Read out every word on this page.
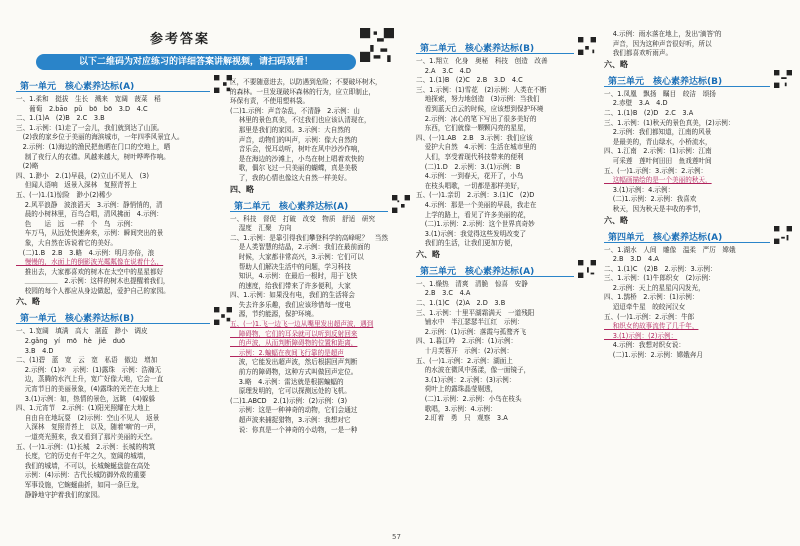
参考答案
以下二维码为对应练习的详细答案讲解视频，请扫码观看！
第一单元　核心素养达标(A)
一、1.柔和　挺拔　生长　溅来　宽阔　菠菜　稻
　　葡萄　2.bāo　pǔ　bō　bō　3.D　4.C
二、1.(1)A　(2)B　2.C　3.B
三、1.示例：(1)走了一会儿，我们就到达了山顶。
　(2)我的家乡位于美丽的海滨城市，一年四季风景宜人。
　2.示例：(1)海边的渔民把鱼晒在门口的空地上，晒
　 制了夜行人的衣襟。风越来越大，树叶哗哗作响。
　(2)略
四、1.渺小　2.(1)早晨，(2)立山不见人　(3)
　 但闻人语响　返景入深林　复照青苔上
五、(一)1.(1)惊险　渺小(2)稀少
　 2.风平浪静　波浪滔天　3.示例：静悄悄的，清
　 晨的小树林里，百鸟合唱，清风拂面　4.示例：
　 色　　运　远　一样　个　鸟　示例：
　 车万马，从远处快速奔来，示例：瞬间突出的景
　 象，大自然在诉说着它的美好。
　(二)1.B　2.B　3.略　4.示例：明月亦倍，浪
　 慢慢的，水面上的倒影波光粼粼像在说着什么，
　 推出去，大家都喜欢的树木在太空中的星星都好
　 ＿＿＿＿＿　2.示例：这样的树木也提醒着我们，
　 校园的每个人都应从身边做起，爱护自己的家园。
六、略
第一单元　核心素养达标(B)
一、1.宽阔　填满　高大　湛蓝　渺小　调皮
　 2.gǎng　yí　mō　hè　jiě　duō
　 3.B　4.D
二、(1)碧　蓝　宽　云　宽　私语　傲边　增加
　 2.示例：(1)②　示例：(1)露珠　示例：浩瀚无
　 边，蒸腾的水汽上升，宽广好像大地，它会一直
　 元宵节日的美丽景象，(4)露珠的光芒在大地上
　 3.(1)示例：如，热情的景色，远眺　(4)躲躲
四、1.元宵节　2.示例：(1)阳光照耀在大地上
　 自由自在地玩耍　(2)示例：空山不见人　返景
　 入深林　复照青苔上　以及，随着'嘀'的一声，
　 一道亮光照来，我又看到了那片美丽的天空。
五、(一)1.示例：(1)长城　2.示例：长城的构筑
　 长度，它的历史有千年之久，宽阔的城墙，
　 我们的城墙，不可以，长城蜿蜒盘旋在高处
　 示例：(4)示例：古代长城防御外敌的重要
　 军事设施，它蜿蜒曲折，如同一条巨龙，
　 静静地守护着我们的家园。
区，不要随意进去，以防遇到危险；不要破坏树木，
的森林。一旦发现破坏森林的行为，应立即制止，
环保有责，不使用塑料袋。
(二)1.示例：声音杂乱，不清静　2.示例：山
　 林里的景色真美，不过我们也应该认清现在，
　 那里是我们的家园。3.示例：大自然的
　 声音，动物们的叫声，示例：像大自然的
　 音乐会，悦耳动听，树叶在风中沙沙作响，
　 是在海边的沙滩上，小鸟在树上唱着欢快的
　 歌，偶尔飞过一只美丽的蝴蝶，真是美极
　 了，我的心情也像这大自然一样美好。
四、略
第二单元　核心素养达标(A)
一、科技　督促　打破　改变　物质　舒适　研究
　 湿度　汇聚　方向
二、1.示例：是靠引得我们攀登科学的高峰呢？　当然
　 是人类智慧的结晶，2.示例：我们在最前面的
　 时候，大家都非常高兴，3.示例：它们可以
　 帮助人们解决生活中的问题，学习科技
　 知识，4.示例：在最后一根时，用于飞快
　 的速度，给我们带来了许多便利，大家
四、1.示例：如果没有电，我们的生活将会
　 失去许多乐趣，我们应该珍惜每一度电
　 源，节约能源，保护环境。
五、(一)1.飞一边飞一边从嘴里发出超声波，遇到
　 障碍物，它们的耳朵就可以听到反射回来
　 的声波，从而判断障碍物的位置和距离，
　 示例：2.蝙蝠在夜间飞行靠的是超声
　 波，它能发出超声波，然后根据回声判断
　 前方的障碍物，这种方式叫做回声定位。
　 3.略　4.示例：雷达就是根据蝙蝠的
　 原理发明的，它可以探测远处的飞机。
(二)1.ABCD　2.(1)示例：(2)示例：(3)
　 示例：这是一种神奇的动物，它们会通过
　 超声波来捕捉猎物，3.示例：我想对它
　 说：你真是一个神奇的小动物，一是一种
第二单元　核心素养达标(B)
一、1.翔立　化身　奥秘　科技　创造　改善
　 2.A　3.C　4.D
二、1.(1)B　(2)C　2.B　3.D　4.C
三、1.示例：(1)雪花　(2)示例：人类在不断
　 地探索，努力地创造　(3)示例：当我们
　 看到蓝天白云的时候，应该想到保护环境
　 2.示例：冰心的笔下写出了很多美好的
　 东西，它们就像一颗颗闪亮的星星，
四、(一)1.AB　2.B　3.示例：我们应该
　 爱护大自然　4.示例：生活在城市里的
　 人们，享受着现代科技带来的便利
　 (二)1.D　2.示例：3.(1)示例：B
　 4.示例：一到春天，花开了，小鸟
　 在枝头唱歌，一切都是那样美好，
五、(一)1.亲切　2.示例：3.(1)C　(2)D
　 4.示例：那是一个美丽的早晨，我走在
　 上学的路上，看见了许多美丽的花，
　 (二)1.示例：2.示例：这个世界真奇妙
　 3.(1)示例：我觉得这些发明改变了
　 我们的生活，让我们更加方便，
六、略
第三单元　核心素养达标(A)
一、1.燥热　清爽　清脆　惊喜　安静
　 2.B　3.C　4.A
二、1.(1)C　(2)A　2.D　3.B
三、1.示例：十里平湖霜满天　一道残阳
　 铺水中　半江瑟瑟半江红　示例：
　 2.示例：(1)示例：落霞与孤鹜齐飞
四、1.暮江吟　2.示例：(1)示例：
　 十月芙蓉开　示例：(2)示例：
五、(一)1.示例：2.示例：湖面上
　 的水波在微风中荡漾，像一面镜子，
　 3.(1)示例：2.示例：(3)示例：
　 荷叶上的露珠晶莹剔透，
　 (二)1.示例：2.示例：小鸟在枝头
　 歌唱，3.示例：4.示例：
　 2.盯着　勇　只　观察　3.A
　 4.示例：雨水落在地上，发出'滴答'的
　 声音，因为这种声音很好听，所以
　 我们都喜欢听雨声。
六、略
第三单元　核心素养达标(B)
一、1.凤凰　飘扬　瞩目　皎洁　颂扬
　 2.赤壁　3.A　4.D
二、1.(1)B　(2)D　2.C　3.A
三、1.示例：(1)秋天的景色真美，(2)示例：
　 2.示例：我们都知道，江南的风景
　 是最美的，青山绿水，小桥流水，
四、1.江南　2.示例：(1)示例：江南
　 可采莲　莲叶何田田　鱼戏莲叶间
五、(一)1.示例：3.示例：2.示例：
　 这幅画描绘的是一个美丽的秋天，
　 3.(1)示例：4.示例：
　 (二)1.示例：2.示例：我喜欢
　 秋天，因为秋天是丰收的季节，
六、略
第四单元　核心素养达标(A)
一、1.湖水　人间　雕像　温柔　严厉　嫦娥
　 2.B　3.D　4.A
二、1.(1)C　(2)B　2.示例：3.示例：
三、1.示例：(1)牛郎织女　(2)示例：
　 2.示例：天上的星星闪闪发光，
四、1.鹊桥　2.示例：(1)示例：
　 迢迢牵牛星　皎皎河汉女
五、(一)1.示例：2.示例：牛郎
　 和织女的故事流传了几千年，
　 3.(1)示例：(2)示例：
　 4.示例：我想对织女说：
　 (二)1.示例：2.示例：嫦娥奔月
57
